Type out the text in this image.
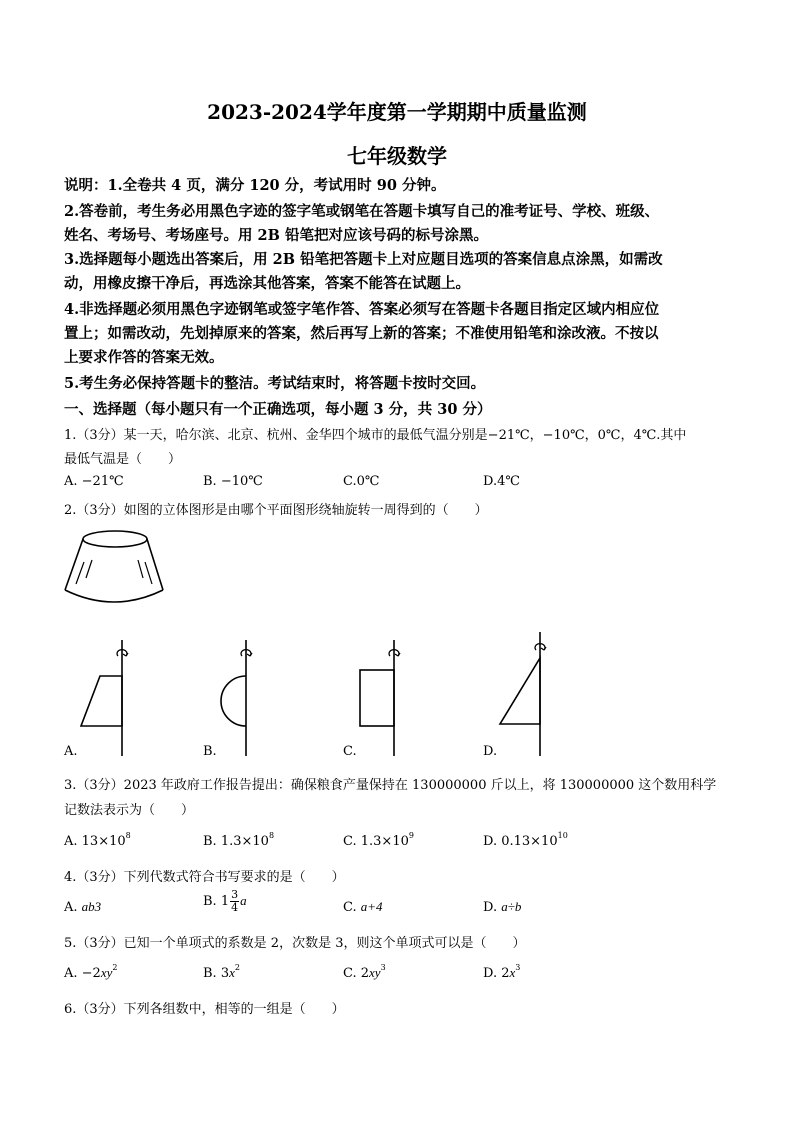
2023-2024学年度第一学期期中质量监测
七年级数学
说明：1.全卷共 4 页，满分 120 分，考试用时 90 分钟。
2.答卷前，考生务必用黑色字迹的签字笔或钢笔在答题卡填写自己的准考证号、学校、班级、
姓名、考场号、考场座号。用 2B 铅笔把对应该号码的标号涂黑。
3.选择题每小题选出答案后，用 2B 铅笔把答题卡上对应题目选项的答案信息点涂黑，如需改
动，用橡皮擦干净后，再选涂其他答案，答案不能答在试题上。
4.非选择题必须用黑色字迹钢笔或签字笔作答、答案必须写在答题卡各题目指定区域内相应位
置上；如需改动，先划掉原来的答案，然后再写上新的答案；不准使用铅笔和涂改液。不按以
上要求作答的答案无效。
5.考生务必保持答题卡的整洁。考试结束时，将答题卡按时交回。
一、选择题（每小题只有一个正确选项，每小题 3 分，共 30 分）
1.（3分）某一天，哈尔滨、北京、杭州、金华四个城市的最低气温分别是−21℃，−10℃，0℃，4℃.其中
最低气温是（　　）
A. −21℃	B. −10℃	C.0℃	D.4℃
2.（3分）如图的立体图形是由哪个平面图形绕轴旋转一周得到的（　　）
A.	B.	C.	D.
3.（3分）2023 年政府工作报告提出：确保粮食产量保持在 130000000 斤以上，将 130000000 这个数用科学
记数法表示为（　　）
A. $13\times 10^8$	B. $1.3\times 10^8$	C. $1.3\times 10^9$	D. $0.13\times 10^{10}$
4.（3分）下列代数式符合书写要求的是（　　）
A. ab3	B. $1 \frac{3}{4}$ a	C. a+4	D. a÷b
5.（3分）已知一个单项式的系数是 2，次数是 3，则这个单项式可以是（　　）
A. $-2xy^2$	B. $3x^2$	C. $2xy^3$	D. $2x^3$
6.（3分）下列各组数中，相等的一组是（　　）
